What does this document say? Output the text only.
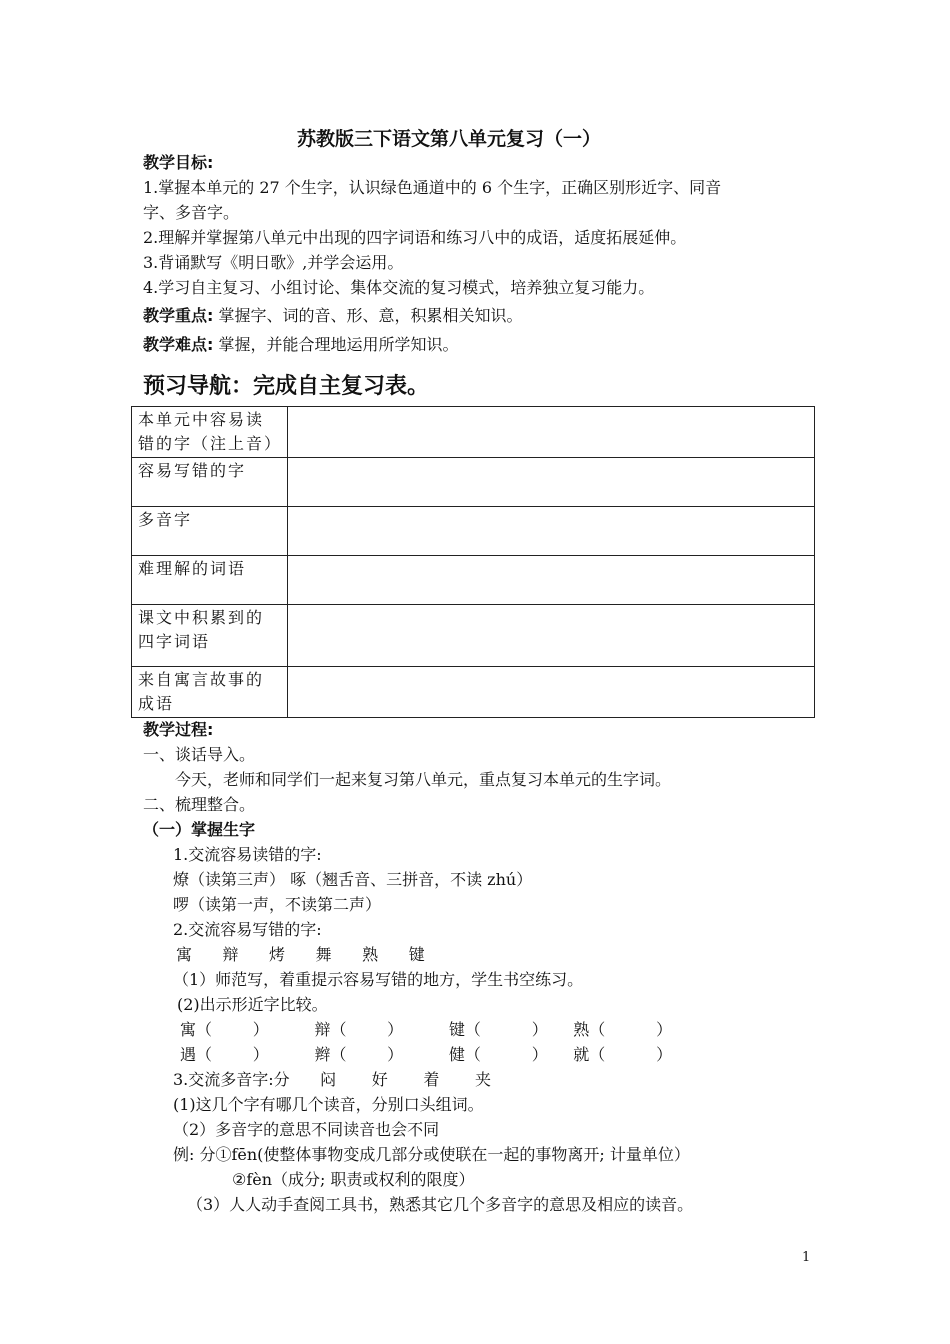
苏教版三下语文第八单元复习（一）
教学目标:
1.掌握本单元的 27 个生字，认识绿色通道中的 6 个生字，正确区别形近字、同音
字、多音字。
2.理解并掌握第八单元中出现的四字词语和练习八中的成语，适度拓展延伸。
3.背诵默写《明日歌》,并学会运用。
4.学习自主复习、小组讨论、集体交流的复习模式，培养独立复习能力。
教学重点: 掌握字、词的音、形、意，积累相关知识。
教学难点: 掌握，并能合理地运用所学知识。
预习导航：完成自主复习表。
本单元中容易读错的字（注上音）	
容易写错的字	
多音字	
难理解的词语	
课文中积累到的四字词语	
来自寓言故事的成语	
教学过程:
一、谈话导入。
今天，老师和同学们一起来复习第八单元，重点复习本单元的生字词。
二、梳理整合。
（一）掌握生字
1.交流容易读错的字:
燎（读第三声） 啄（翘舌音、三拼音，不读 zhú）
啰（读第一声，不读第二声）
2.交流容易写错的字:
寓      辩      烤      舞      熟      键
（1）师范写，着重提示容易写错的地方，学生书空练习。
(2)出示形近字比较。
寓（        ）         辩（        ）         键（          ）     熟（          ）
遇（        ）         辫（        ）         健（          ）     就（          ）
3.交流多音字:分      闷       好       着       夹
(1)这几个字有哪几个读音，分别口头组词。
（2）多音字的意思不同读音也会不同
例: 分①fēn(使整体事物变成几部分或使联在一起的事物离开; 计量单位）
②fèn（成分; 职责或权利的限度）
（3）人人动手查阅工具书，熟悉其它几个多音字的意思及相应的读音。
1
